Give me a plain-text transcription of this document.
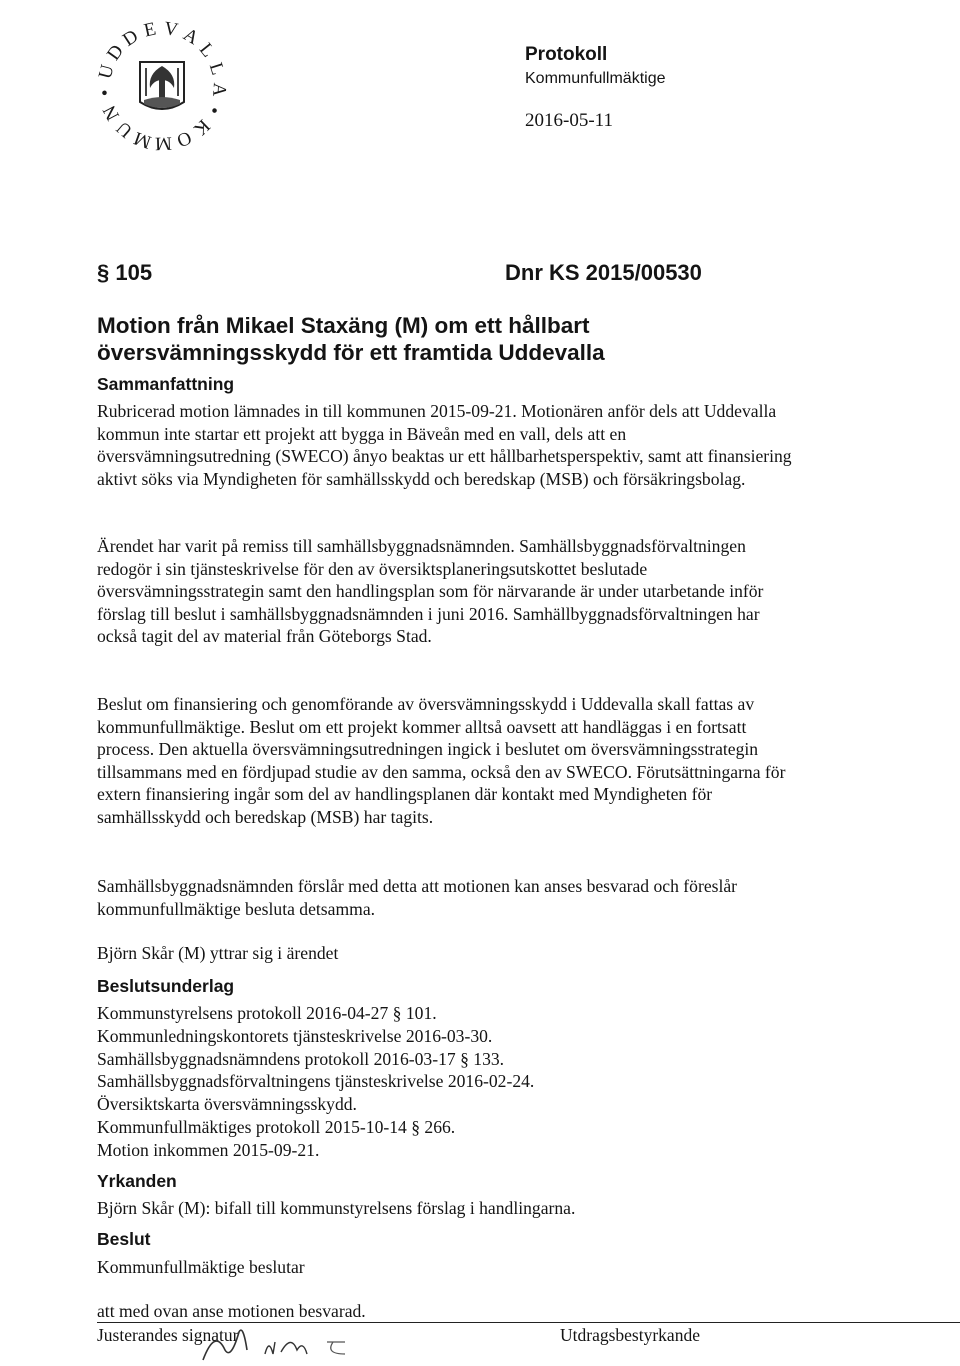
U
D
D E V A
L
L
A
•
K
O
M
M
U
N
•
Protokoll
Kommunfullmäktige
2016-05-11
§ 105	Dnr KS 2015/00530
Motion från Mikael Staxäng (M) om ett hållbart översvämningsskydd för ett framtida Uddevalla
Sammanfattning

Rubricerad motion lämnades in till kommunen 2015-09-21. Motionären anför dels att Uddevalla kommun inte startar ett projekt att bygga in Bäveån med en vall, dels att en översvämningsutredning (SWECO) ånyo beaktas ur ett hållbarhetsperspektiv, samt att finansiering aktivt söks via Myndigheten för samhällsskydd och beredskap (MSB) och försäkringsbolag.

Ärendet har varit på remiss till samhällsbyggnadsnämnden. Samhällsbyggnadsförvaltningen redogör i sin tjänsteskrivelse för den av översiktsplaneringsutskottet beslutade översvämningsstrategin samt den handlingsplan som för närvarande är under utarbetande inför förslag till beslut i samhällsbyggnadsnämnden i juni 2016. Samhällbyggnadsförvaltningen har också tagit del av material från Göteborgs Stad.

Beslut om finansiering och genomförande av översvämningsskydd i Uddevalla skall fattas av kommunfullmäktige. Beslut om ett projekt kommer alltså oavsett att handläggas i en fortsatt process. Den aktuella översvämningsutredningen ingick i beslutet om översvämningsstrategin tillsammans med en fördjupad studie av den samma, också den av SWECO. Förutsättningarna för extern finansiering ingår som del av handlingsplanen där kontakt med Myndigheten för samhällsskydd och beredskap (MSB) har tagits.

Samhällsbyggnadsnämnden förslår med detta att motionen kan anses besvarad och föreslår kommunfullmäktige besluta detsamma.

Björn Skår (M) yttrar sig i ärendet

Beslutsunderlag
Kommunstyrelsens protokoll 2016-04-27 § 101.
Kommunledningskontorets tjänsteskrivelse 2016-03-30.
Samhällsbyggnadsnämndens protokoll 2016-03-17 § 133.
Samhällsbyggnadsförvaltningens tjänsteskrivelse 2016-02-24.
Översiktskarta översvämningsskydd.
Kommunfullmäktiges protokoll 2015-10-14 § 266.
Motion inkommen 2015-09-21.
Yrkanden
Björn Skår (M): bifall till kommunstyrelsens förslag i handlingarna.
Beslut
Kommunfullmäktige beslutar
att med ovan anse motionen besvarad.
Justerandes signatur	Utdragsbestyrkande
